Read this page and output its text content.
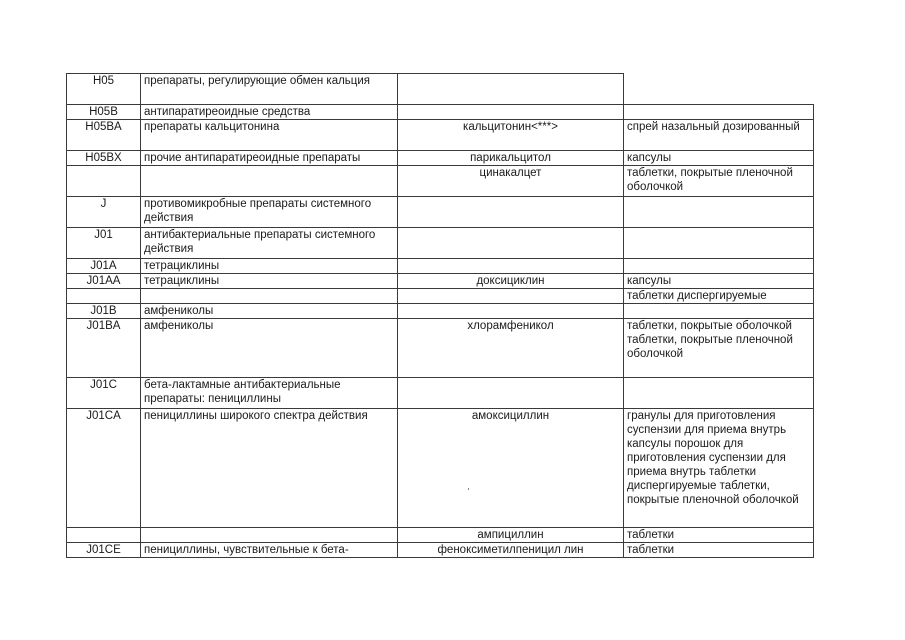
H05	препараты, регулирующие обмен кальция		
H05B	антипаратиреоидные средства		
H05BA	препараты кальцитонина	кальцитонин<***>	спрей назальный дозированный
H05BX	прочие антипаратиреоидные препараты	парикальцитол	капсулы
		цинакалцет	таблетки, покрытые пленочной оболочкой
J	противомикробные препараты системного действия		
J01	антибактериальные препараты системного действия		
J01A	тетрациклины		
J01AA	тетрациклины	доксициклин	капсулы
			таблетки диспергируемые
J01B	амфениколы		
J01BA	амфениколы	хлорамфеникол	таблетки, покрытые оболочкой таблетки, покрытые пленочной оболочкой
J01C	бета-лактамные антибактериальные препараты: пенициллины		
J01CA	пенициллины широкого спектра действия	амоксициллин	гранулы для приготовления суспензии для приема внутрь капсулы порошок для приготовления суспензии для приема внутрь таблетки диспергируемые таблетки, покрытые пленочной оболочкой
		ампициллин	таблетки
J01CE	пенициллины, чувствительные к бета-	феноксиметилпеницил лин	таблетки
